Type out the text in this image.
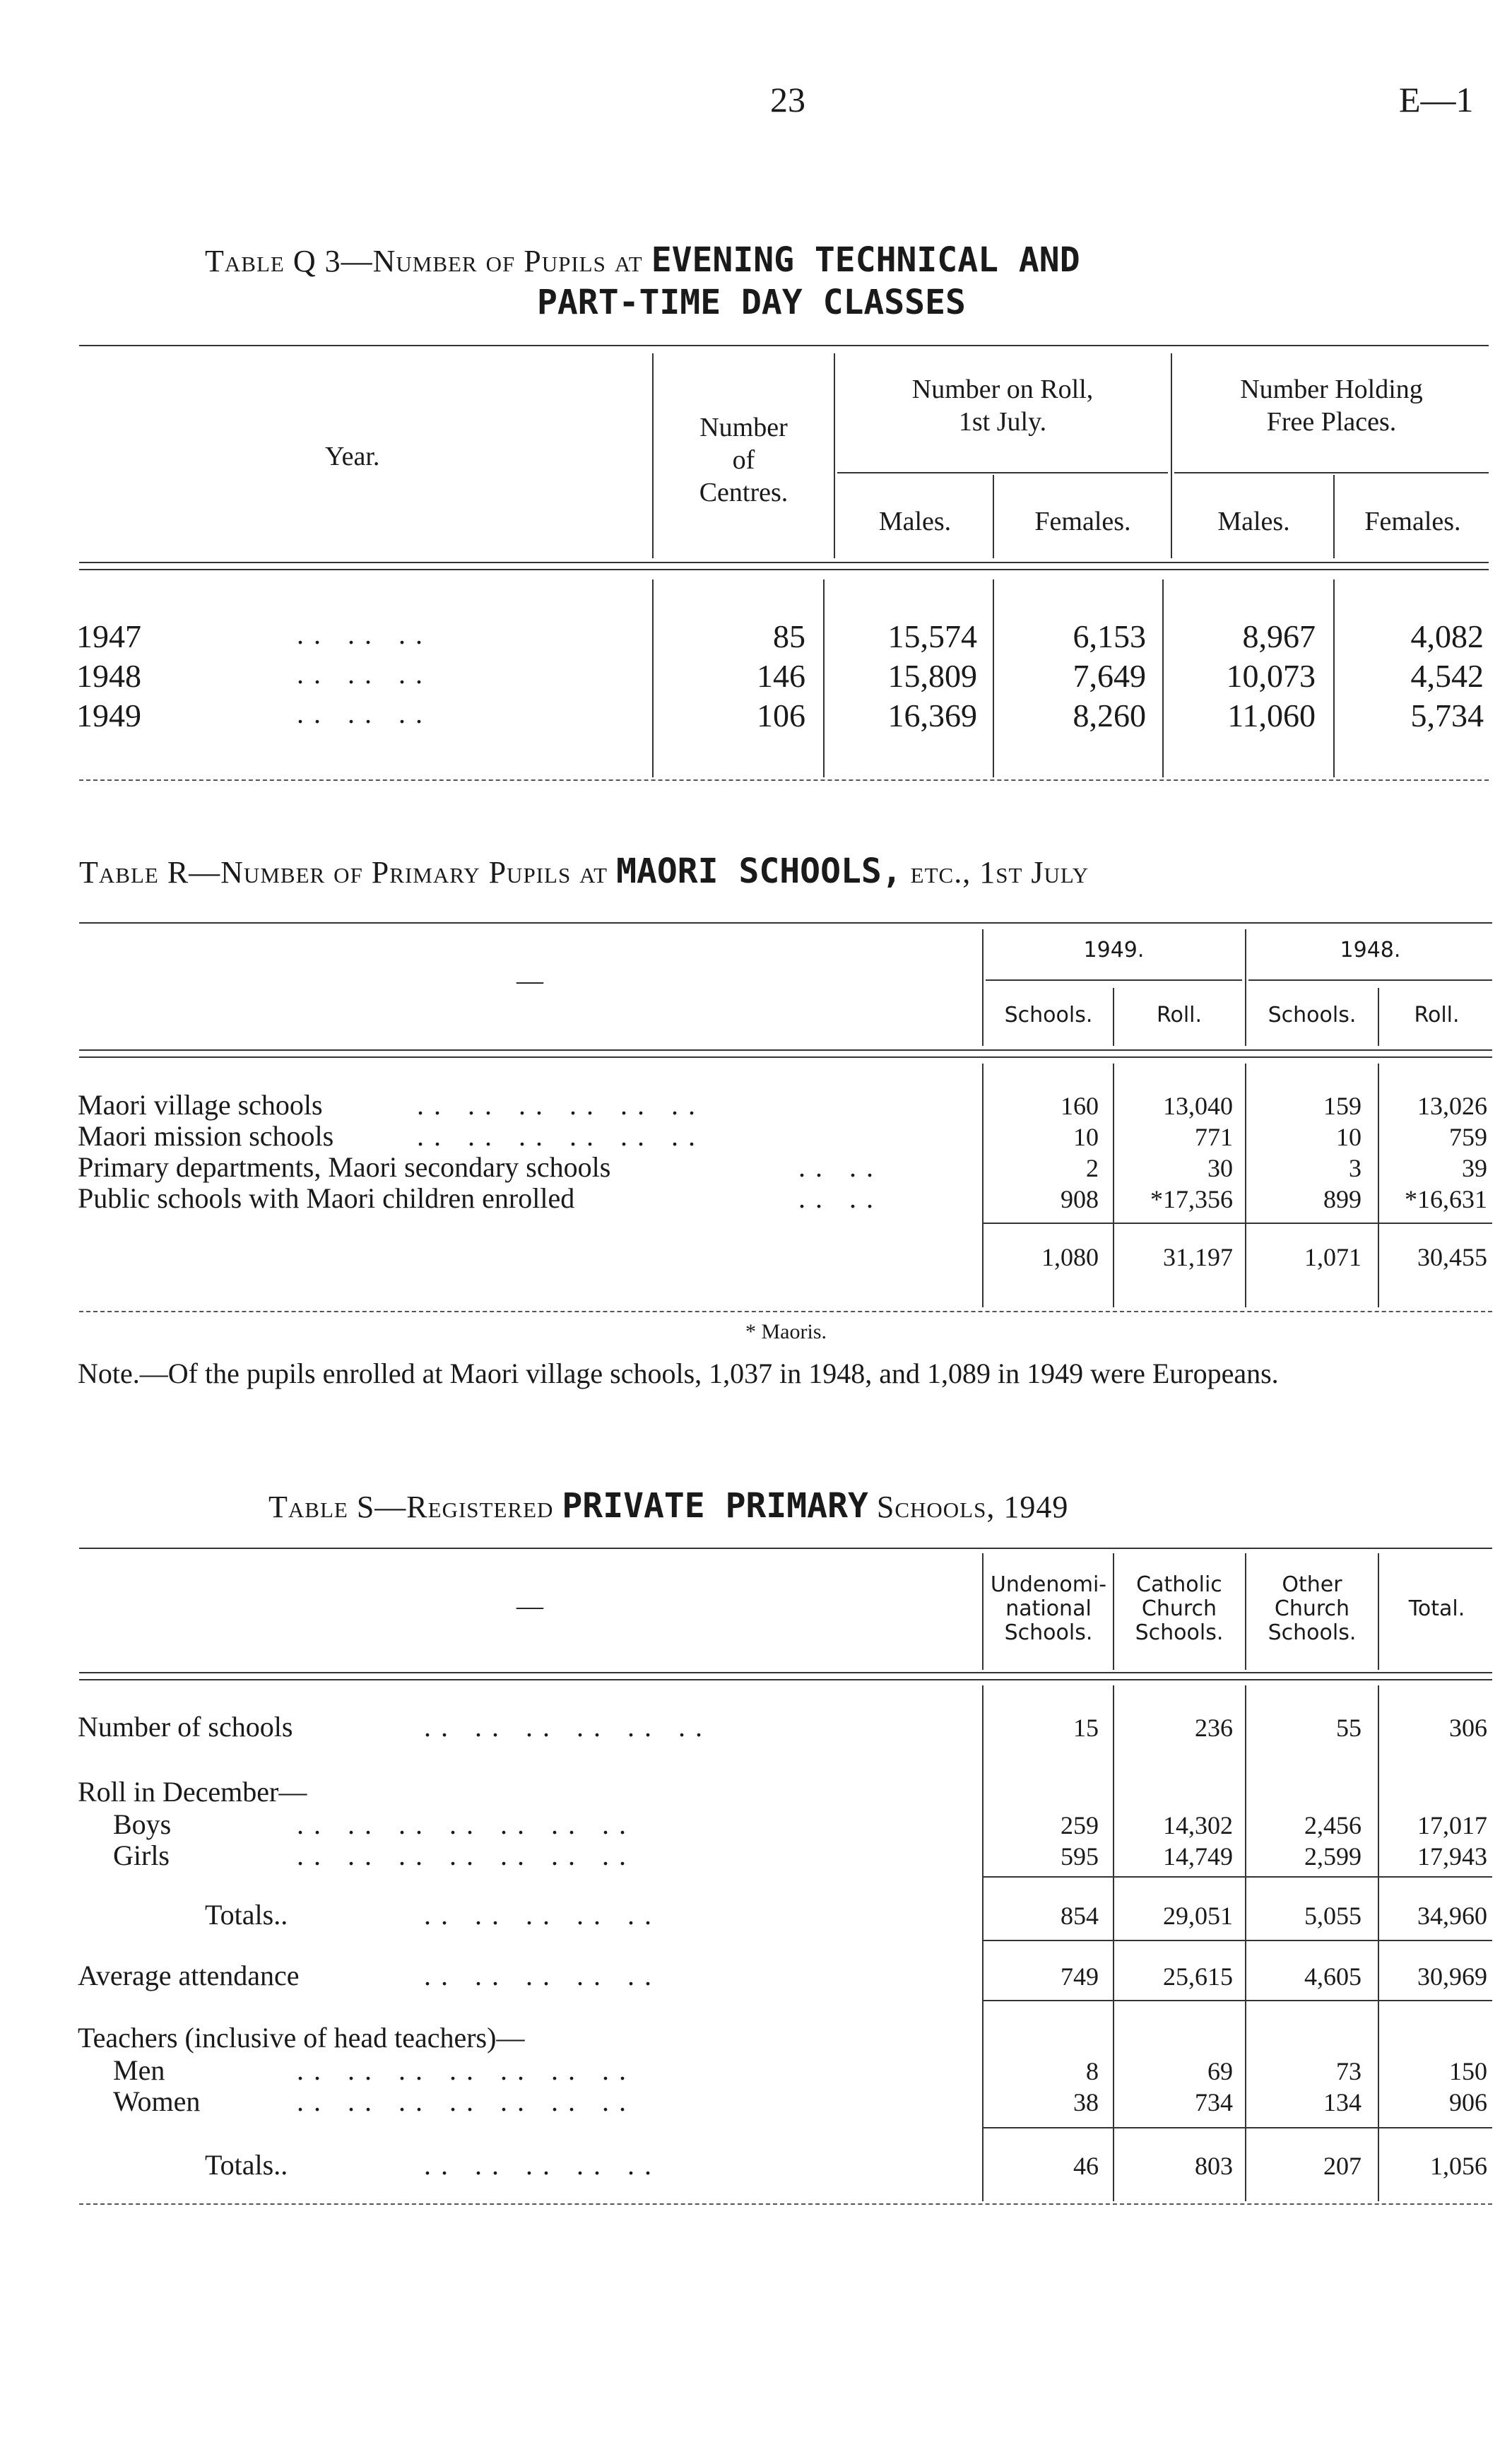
23	E—1
Table Q 3—Number of Pupils at EVENING TECHNICAL AND
PART-TIME DAY CLASSES
Year.
Number
of
Centres.
Number on Roll,
1st July.
Number Holding
Free Places.
Males.	Females.	Males.	Females.
1947	.. .. ..	85	15,574	6,153	8,967	4,082
1948	.. .. ..	146	15,809	7,649	10,073	4,542
1949	.. .. ..	106	16,369	8,260	11,060	5,734
Table R—Number of Primary Pupils at MAORI SCHOOLS, etc., 1st July
—
1949.	1948.
Schools.	Roll.	Schools.	Roll.
Maori village schools	.. .. .. .. .. ..	160	13,040	159	13,026
Maori mission schools	.. .. .. .. .. ..	10	771	10	759
Primary departments, Maori secondary schools	.. ..	2	30	3	39
Public schools with Maori children enrolled	.. ..	908	*17,356	899	*16,631
1,080	31,197	1,071	30,455
* Maoris.
Note.—Of the pupils enrolled at Maori village schools, 1,037 in 1948, and 1,089 in 1949 were Europeans.
Table S—Registered PRIVATE PRIMARY Schools, 1949
—
Undenomi-
national
Schools.
Catholic
Church
Schools.
Other
Church
Schools.
Total.
Number of schools	.. .. .. .. .. ..	15	236	55	306
Roll in December—
Boys	.. .. .. .. .. .. ..	259	14,302	2,456	17,017
Girls	.. .. .. .. .. .. ..	595	14,749	2,599	17,943
Totals..	.. .. .. .. ..	854	29,051	5,055	34,960
Average attendance	.. .. .. .. ..	749	25,615	4,605	30,969
Teachers (inclusive of head teachers)—
Men	.. .. .. .. .. .. ..	8	69	73	150
Women	.. .. .. .. .. .. ..	38	734	134	906
Totals..	.. .. .. .. ..	46	803	207	1,056
